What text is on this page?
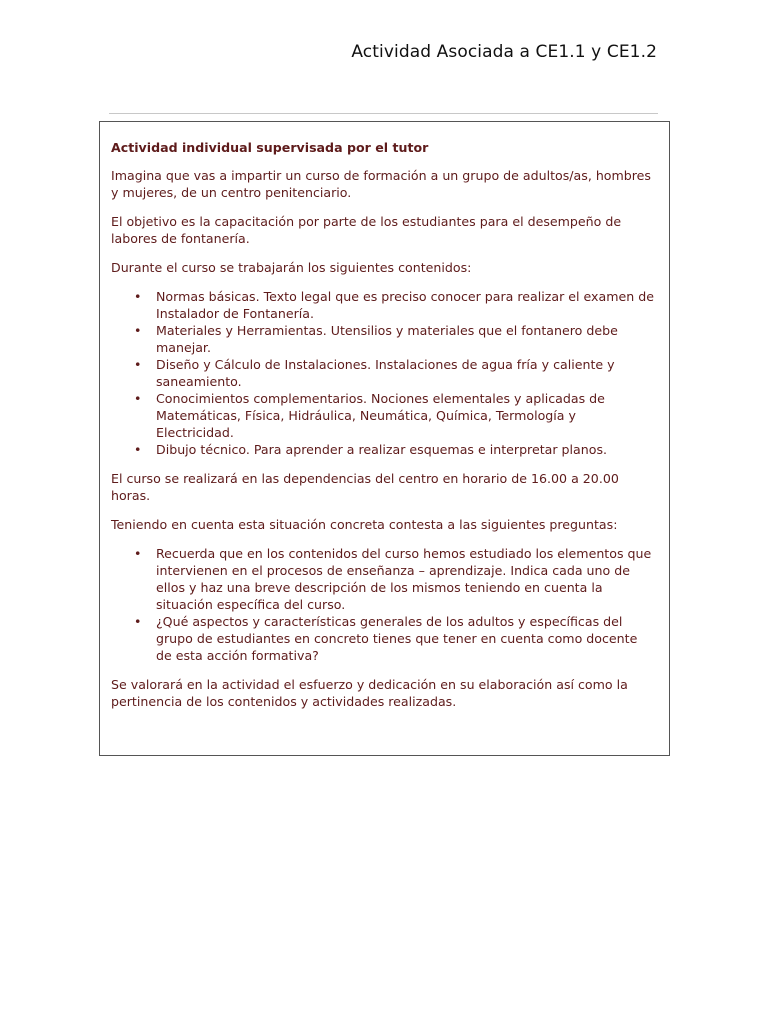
Actividad Asociada a CE1.1 y CE1.2
Actividad individual supervisada por el tutor

Imagina que vas a impartir un curso de formación a un grupo de adultos/as, hombres y mujeres, de un centro penitenciario.

El objetivo es la capacitación por parte de los estudiantes para el desempeño de labores de fontanería.

Durante el curso se trabajarán los siguientes contenidos:

• Normas básicas. Texto legal que es preciso conocer para realizar el examen de Instalador de Fontanería.
• Materiales y Herramientas. Utensilios y materiales que el fontanero debe manejar.
• Diseño y Cálculo de Instalaciones. Instalaciones de agua fría y caliente y saneamiento.
• Conocimientos complementarios. Nociones elementales y aplicadas de Matemáticas, Física, Hidráulica, Neumática, Química, Termología y Electricidad.
• Dibujo técnico. Para aprender a realizar esquemas e interpretar planos.

El curso se realizará en las dependencias del centro en horario de 16.00 a 20.00 horas.

Teniendo en cuenta esta situación concreta contesta a las siguientes preguntas:

• Recuerda que en los contenidos del curso hemos estudiado los elementos que intervienen en el procesos de enseñanza – aprendizaje. Indica cada uno de ellos y haz una breve descripción de los mismos teniendo en cuenta la situación específica del curso.
• ¿Qué aspectos y características generales de los adultos y específicas del grupo de estudiantes en concreto tienes que tener en cuenta como docente de esta acción formativa?

Se valorará en la actividad el esfuerzo y dedicación en su elaboración así como la pertinencia de los contenidos y actividades realizadas.
